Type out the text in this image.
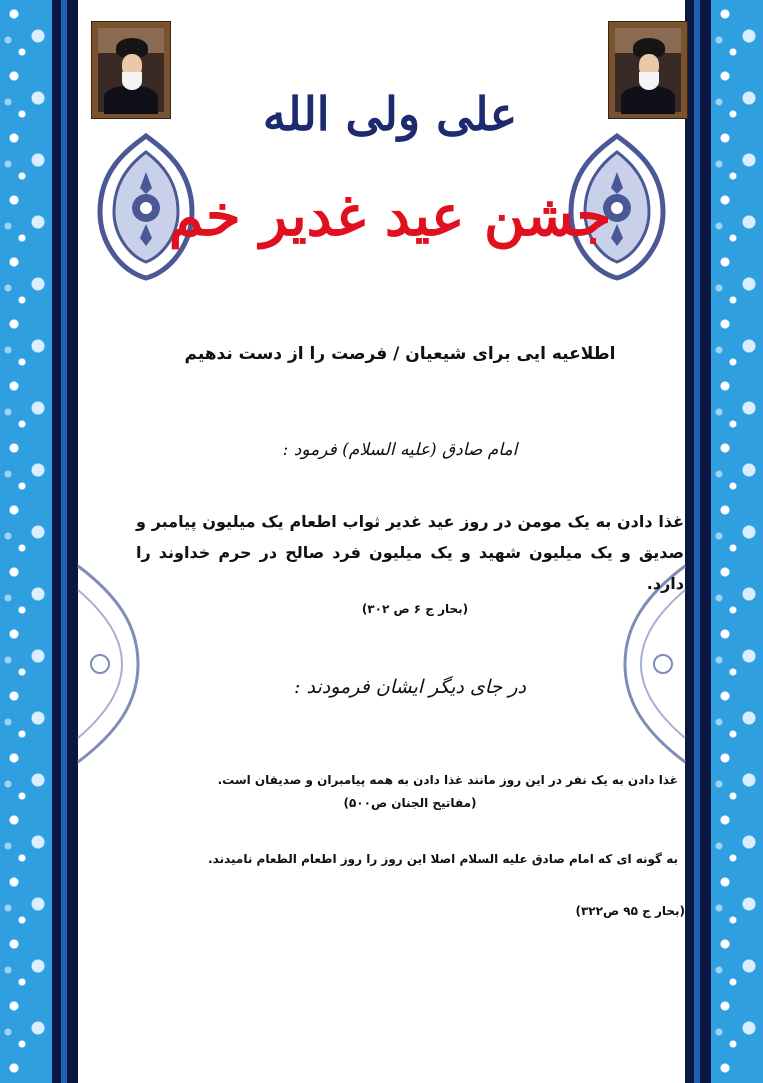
علی ولی الله
جشن عید غدیر خم
اطلاعیه ایی برای شیعیان / فرصت را از دست ندهیم
امام صادق (علیه السلام) فرمود :
غذا دادن به یک مومن در روز عید غدیر ثواب اطعام یک میلیون پیامبر و صدیق و یک میلیون شهید و یک میلیون فرد صالح در حرم خداوند را دارد.
(بحار ج ۶ ص ۳۰۲)
در جای دیگر ایشان فرمودند :
غذا دادن به یک نفر در این روز مانند غذا دادن به همه پیامبران و صدیقان است.
(مفاتیح الجنان ص۵۰۰)
به گونه ای که امام صادق علیه السلام اصلا این روز را روز اطعام الطعام نامیدند.
(بحار ج ۹۵ ص۳۲۲)
